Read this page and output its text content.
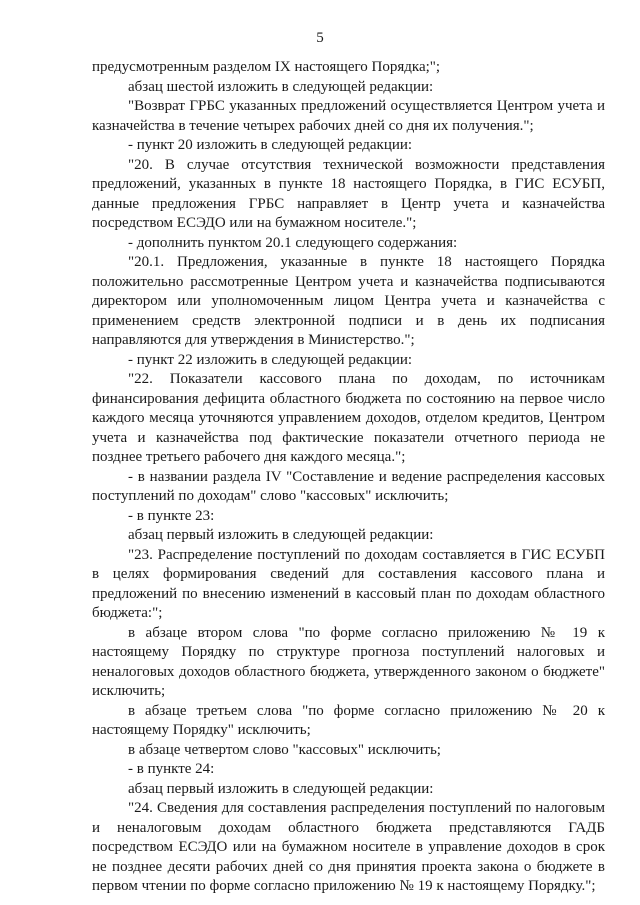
5

предусмотренным разделом IX настоящего Порядка;";

абзац шестой изложить в следующей редакции:

"Возврат ГРБС указанных предложений осуществляется Центром учета и казначейства в течение четырех рабочих дней со дня их получения.";

- пункт 20 изложить в следующей редакции:

"20. В случае отсутствия технической возможности представления предложений, указанных в пункте 18 настоящего Порядка, в ГИС ЕСУБП, данные предложения ГРБС направляет в Центр учета и казначейства посредством ЕСЭДО или на бумажном носителе.";

- дополнить пунктом 20.1 следующего содержания:

"20.1. Предложения, указанные в пункте 18 настоящего Порядка положительно рассмотренные Центром учета и казначейства подписываются директором или уполномоченным лицом Центра учета и казначейства с применением средств электронной подписи и в день их подписания направляются для утверждения в Министерство.";

- пункт 22 изложить в следующей редакции:

"22. Показатели кассового плана по доходам, по источникам финансирования дефицита областного бюджета по состоянию на первое число каждого месяца уточняются управлением доходов, отделом кредитов, Центром учета и казначейства под фактические показатели отчетного периода не позднее третьего рабочего дня каждого месяца.";

- в названии раздела IV "Составление и ведение распределения кассовых поступлений по доходам" слово "кассовых" исключить;

- в пункте 23:

абзац первый изложить в следующей редакции:

"23. Распределение поступлений по доходам составляется в ГИС ЕСУБП в целях формирования сведений для составления кассового плана и предложений по внесению изменений в кассовый план по доходам областного бюджета:";

в абзаце втором слова "по форме согласно приложению № 19 к настоящему Порядку по структуре прогноза поступлений налоговых и неналоговых доходов областного бюджета, утвержденного законом о бюджете" исключить;

в абзаце третьем слова "по форме согласно приложению № 20 к настоящему Порядку" исключить;

в абзаце четвертом слово "кассовых" исключить;

- в пункте 24:

абзац первый изложить в следующей редакции:

"24. Сведения для составления распределения поступлений по налоговым и неналоговым доходам областного бюджета представляются ГАДБ посредством ЕСЭДО или на бумажном носителе в управление доходов в срок не позднее десяти рабочих дней со дня принятия проекта закона о бюджете в первом чтении по форме согласно приложению № 19 к настоящему Порядку.";
